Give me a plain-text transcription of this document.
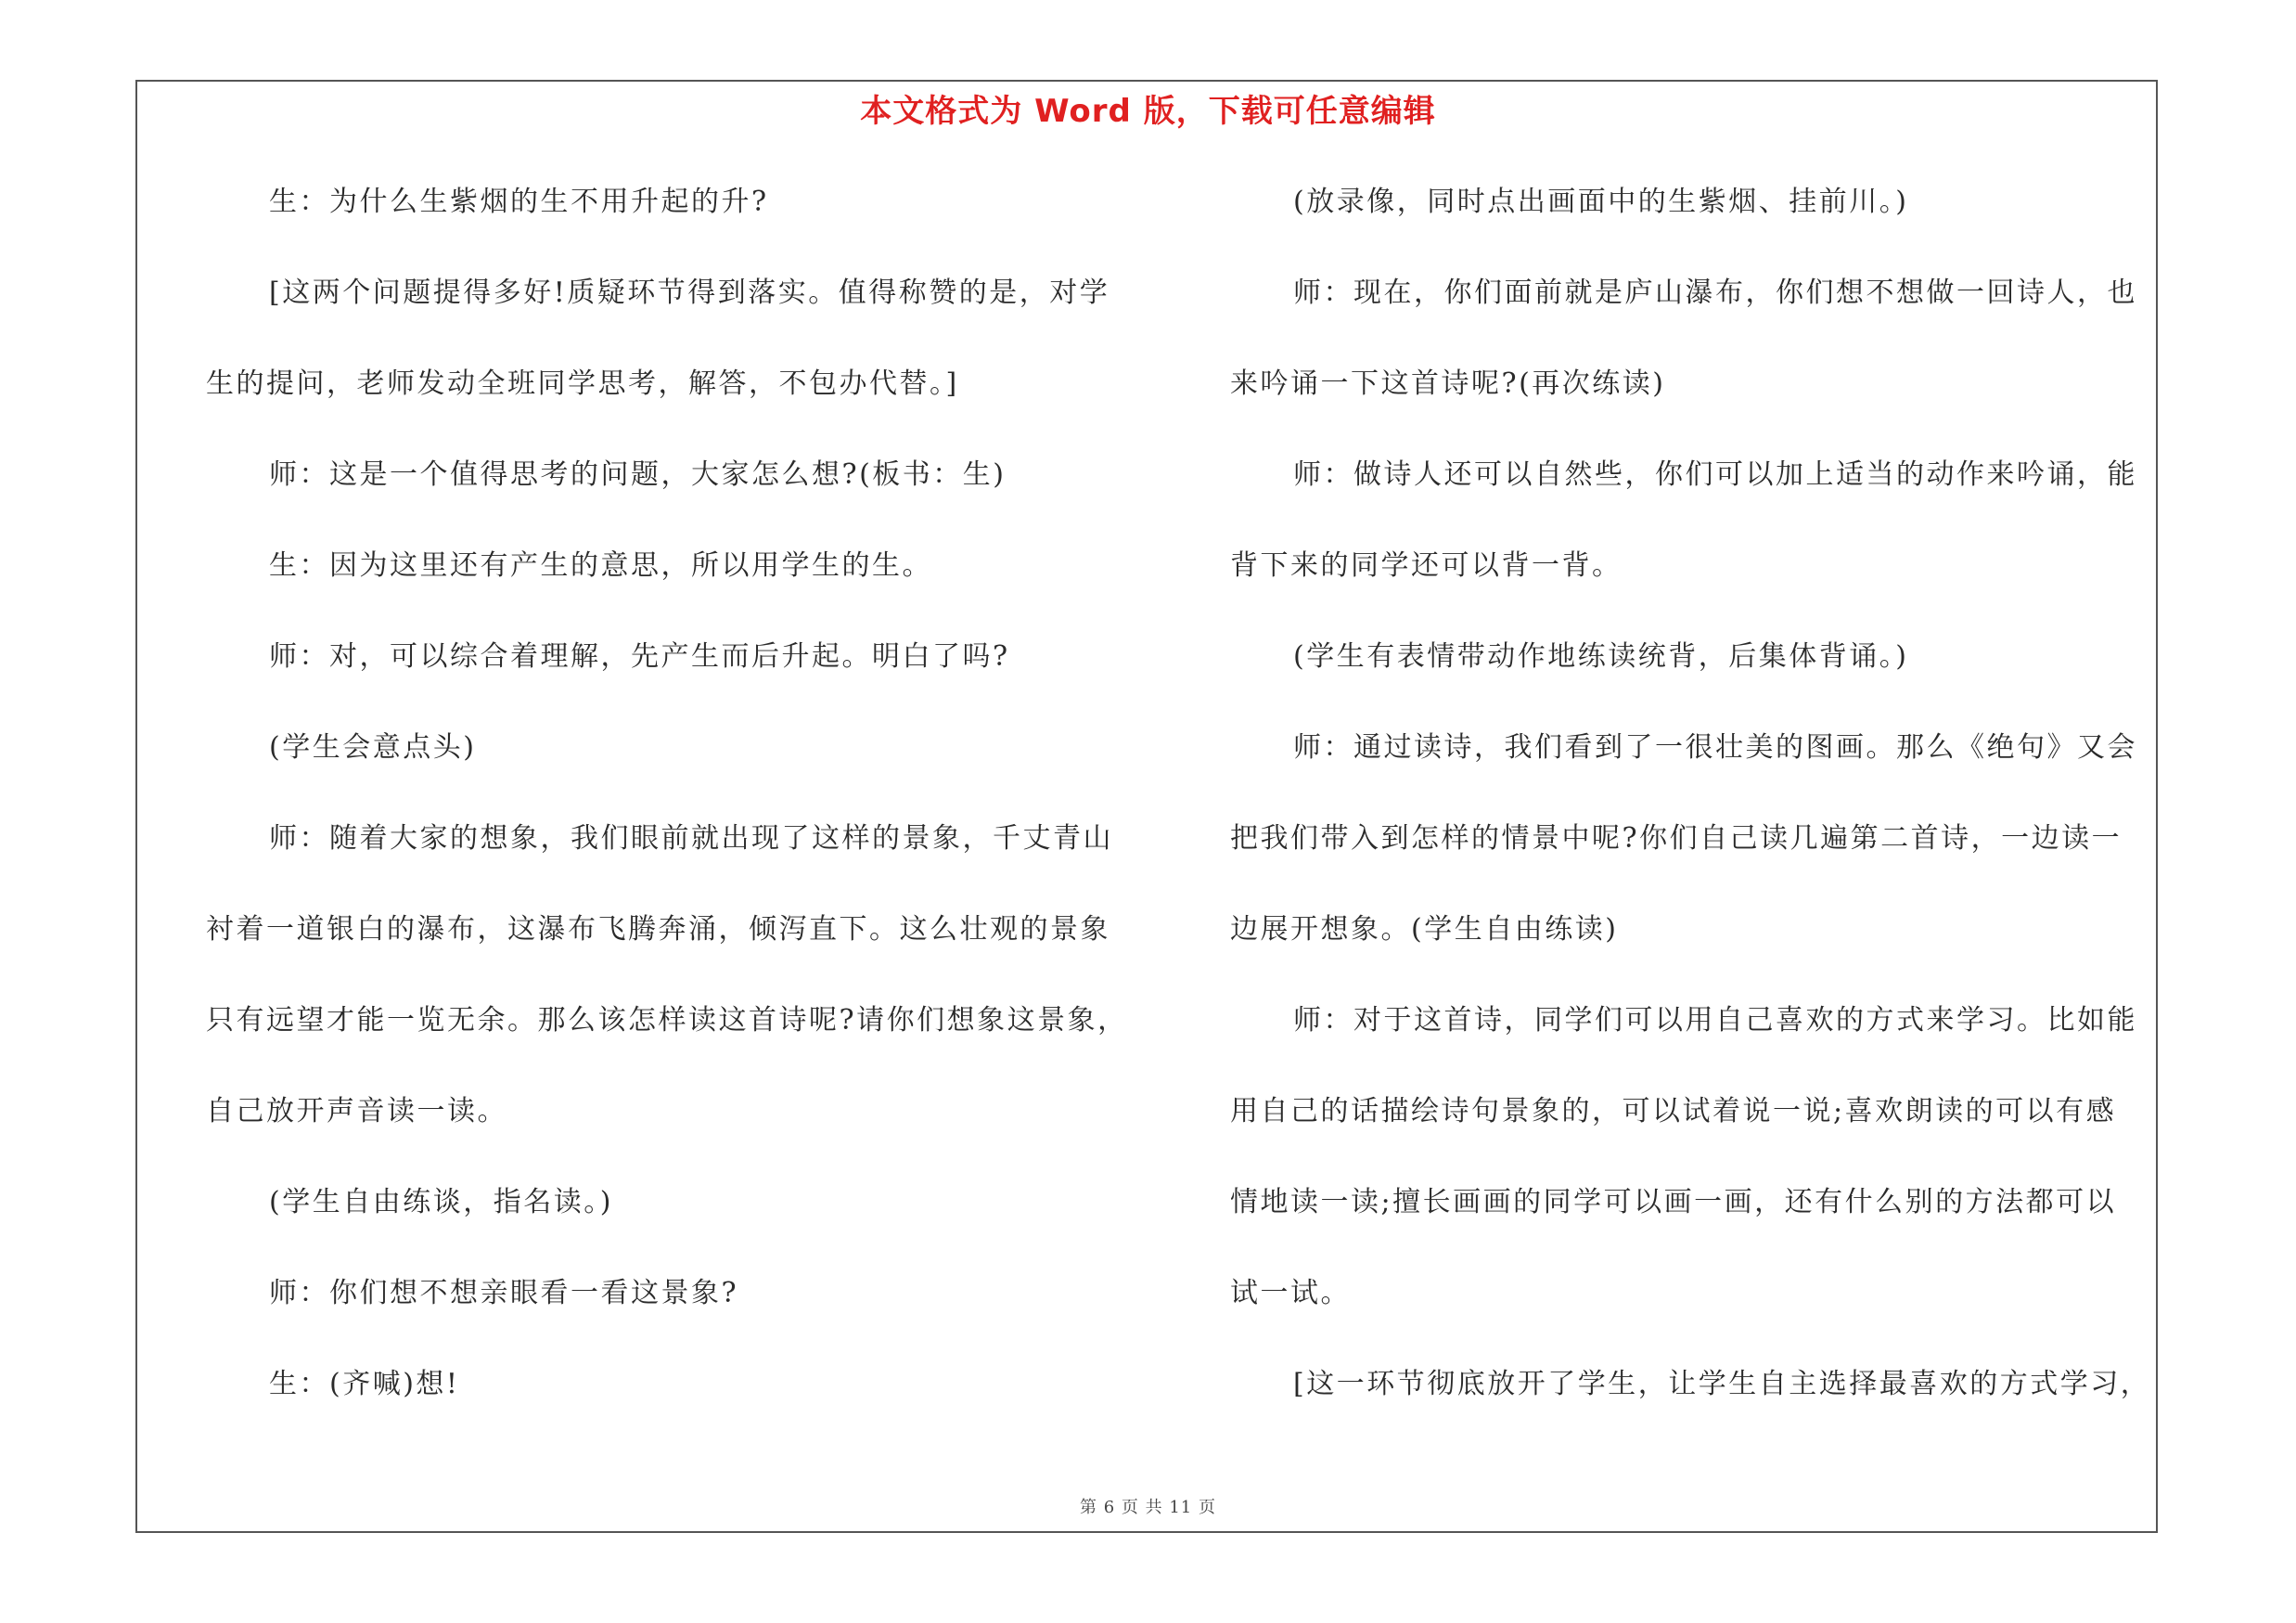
本文格式为 Word 版，下载可任意编辑
生：为什么生紫烟的生不用升起的升?
[这两个问题提得多好!质疑环节得到落实。值得称赞的是，对学
生的提问，老师发动全班同学思考，解答，不包办代替。]
师：这是一个值得思考的问题，大家怎么想?(板书：生)
生：因为这里还有产生的意思，所以用学生的生。
师：对，可以综合着理解，先产生而后升起。明白了吗?
(学生会意点头)
师：随着大家的想象，我们眼前就出现了这样的景象，千丈青山
衬着一道银白的瀑布，这瀑布飞腾奔涌，倾泻直下。这么壮观的景象
只有远望才能一览无余。那么该怎样读这首诗呢?请你们想象这景象，
自己放开声音读一读。
(学生自由练谈，指名读。)
师：你们想不想亲眼看一看这景象?
生：(齐喊)想!
(放录像，同时点出画面中的生紫烟、挂前川。)
师：现在，你们面前就是庐山瀑布，你们想不想做一回诗人，也
来吟诵一下这首诗呢?(再次练读)
师：做诗人还可以自然些，你们可以加上适当的动作来吟诵，能
背下来的同学还可以背一背。
(学生有表情带动作地练读统背，后集体背诵。)
师：通过读诗，我们看到了一很壮美的图画。那么《绝句》又会
把我们带入到怎样的情景中呢?你们自己读几遍第二首诗，一边读一
边展开想象。(学生自由练读)
师：对于这首诗，同学们可以用自己喜欢的方式来学习。比如能
用自己的话描绘诗句景象的，可以试着说一说;喜欢朗读的可以有感
情地读一读;擅长画画的同学可以画一画，还有什么别的方法都可以
试一试。
[这一环节彻底放开了学生，让学生自主选择最喜欢的方式学习，
第 6 页 共 11 页
